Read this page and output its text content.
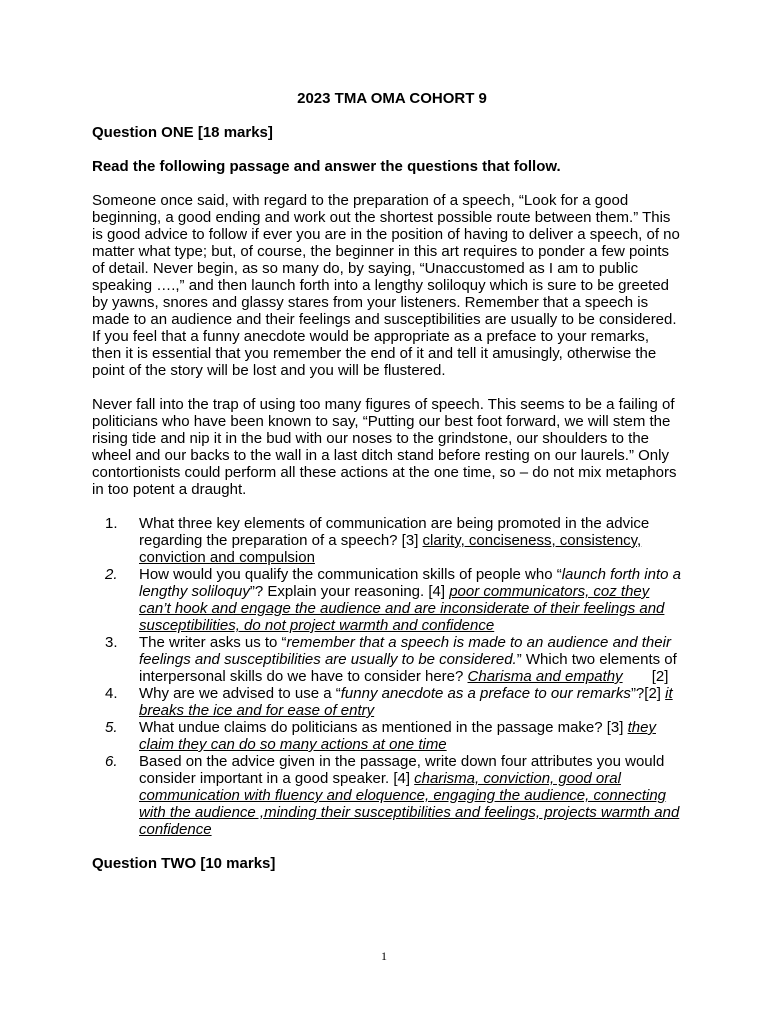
2023 TMA OMA COHORT 9

Question ONE [18 marks]

Read the following passage and answer the questions that follow.

Someone once said, with regard to the preparation of a speech, “Look for a good beginning, a good ending and work out the shortest possible route between them.” This is good advice to follow if ever you are in the position of having to deliver a speech, of no matter what type; but, of course, the beginner in this art requires to ponder a few points of detail. Never begin, as so many do, by saying, “Unaccustomed as I am to public speaking ….,” and then launch forth into a lengthy soliloquy which is sure to be greeted by yawns, snores and glassy stares from your listeners. Remember that a speech is made to an audience and their feelings and susceptibilities are usually to be considered. If you feel that a funny anecdote would be appropriate as a preface to your remarks, then it is essential that you remember the end of it and tell it amusingly, otherwise the point of the story will be lost and you will be flustered.

Never fall into the trap of using too many figures of speech. This seems to be a failing of politicians who have been known to say, “Putting our best foot forward, we will stem the rising tide and nip it in the bud with our noses to the grindstone, our shoulders to the wheel and our backs to the wall in a last ditch stand before resting on our laurels.” Only contortionists could perform all these actions at the one time, so – do not mix metaphors in too potent a draught.

1. What three key elements of communication are being promoted in the advice regarding the preparation of a speech? [3] clarity, conciseness, consistency, conviction and compulsion
2. How would you qualify the communication skills of people who “launch forth into a lengthy soliloquy”? Explain your reasoning. [4] poor communicators, coz they can’t hook and engage the audience and are inconsiderate of their feelings and susceptibilities, do not project warmth and confidence
3. The writer asks us to “remember that a speech is made to an audience and their feelings and susceptibilities are usually to be considered.” Which two elements of interpersonal skills do we have to consider here? Charisma and empathy       [2]
4. Why are we advised to use a “funny anecdote as a preface to our remarks”?[2] it breaks the ice and for ease of entry
5. What undue claims do politicians as mentioned in the passage make? [3] they claim they can do so many actions at one time
6. Based on the advice given in the passage, write down four attributes you would consider important in a good speaker. [4] charisma, conviction, good oral communication with fluency and eloquence, engaging the audience, connecting with the audience ,minding their susceptibilities and feelings, projects warmth and confidence

Question TWO [10 marks]

1
